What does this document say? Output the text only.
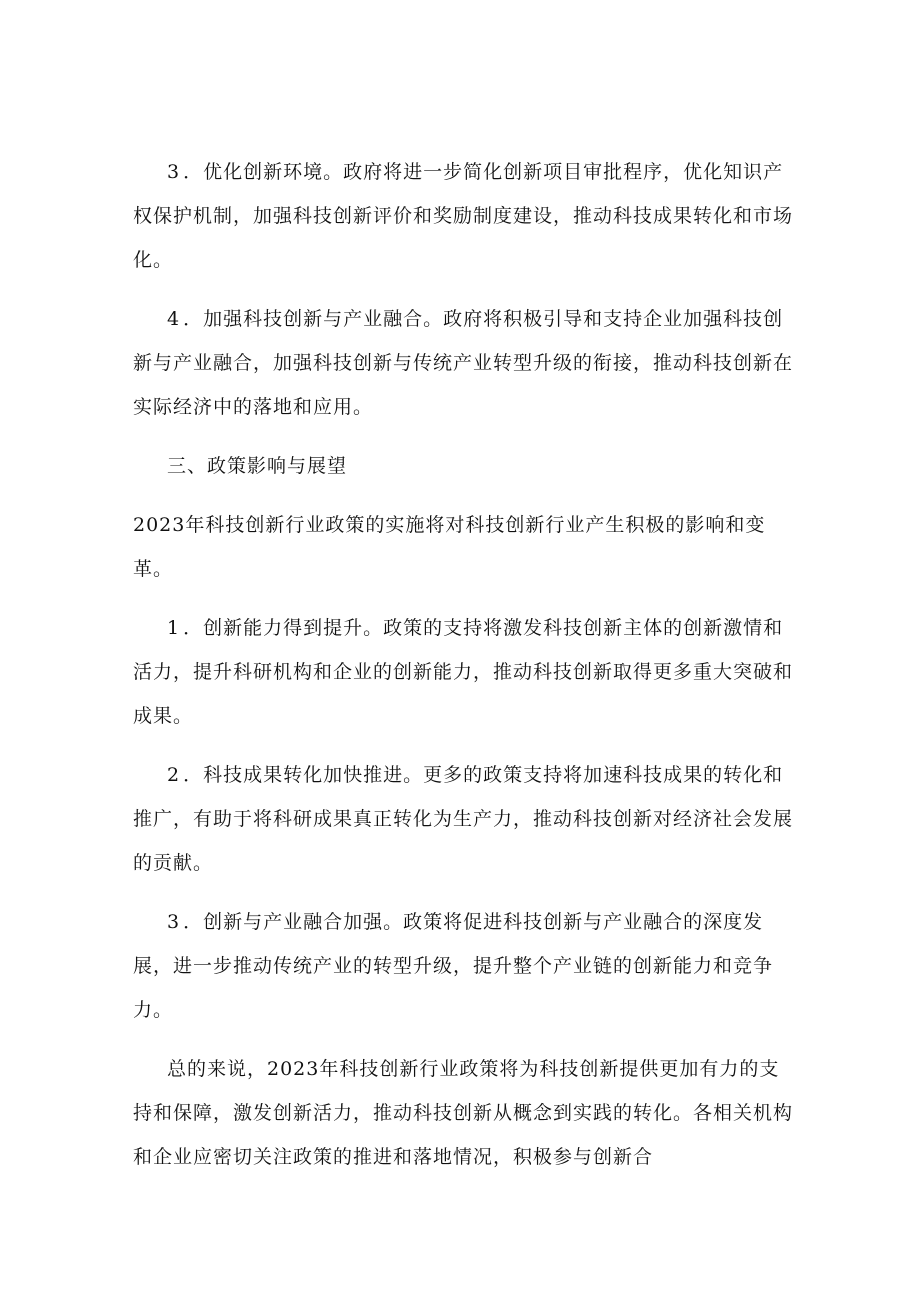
3 ．优化创新环境。政府将进一步简化创新项目审批程序，优化知识产权保护机制，加强科技创新评价和奖励制度建设，推动科技成果转化和市场化。

4 ．加强科技创新与产业融合。政府将积极引导和支持企业加强科技创新与产业融合，加强科技创新与传统产业转型升级的衔接，推动科技创新在实际经济中的落地和应用。

三、政策影响与展望

2023年科技创新行业政策的实施将对科技创新行业产生积极的影响和变革。

1 ．创新能力得到提升。政策的支持将激发科技创新主体的创新激情和活力，提升科研机构和企业的创新能力，推动科技创新取得更多重大突破和成果。

2 ．科技成果转化加快推进。更多的政策支持将加速科技成果的转化和推广，有助于将科研成果真正转化为生产力，推动科技创新对经济社会发展的贡献。

3 ．创新与产业融合加强。政策将促进科技创新与产业融合的深度发展，进一步推动传统产业的转型升级，提升整个产业链的创新能力和竞争力。

总的来说，2023年科技创新行业政策将为科技创新提供更加有力的支持和保障，激发创新活力，推动科技创新从概念到实践的转化。各相关机构和企业应密切关注政策的推进和落地情况，积极参与创新合
